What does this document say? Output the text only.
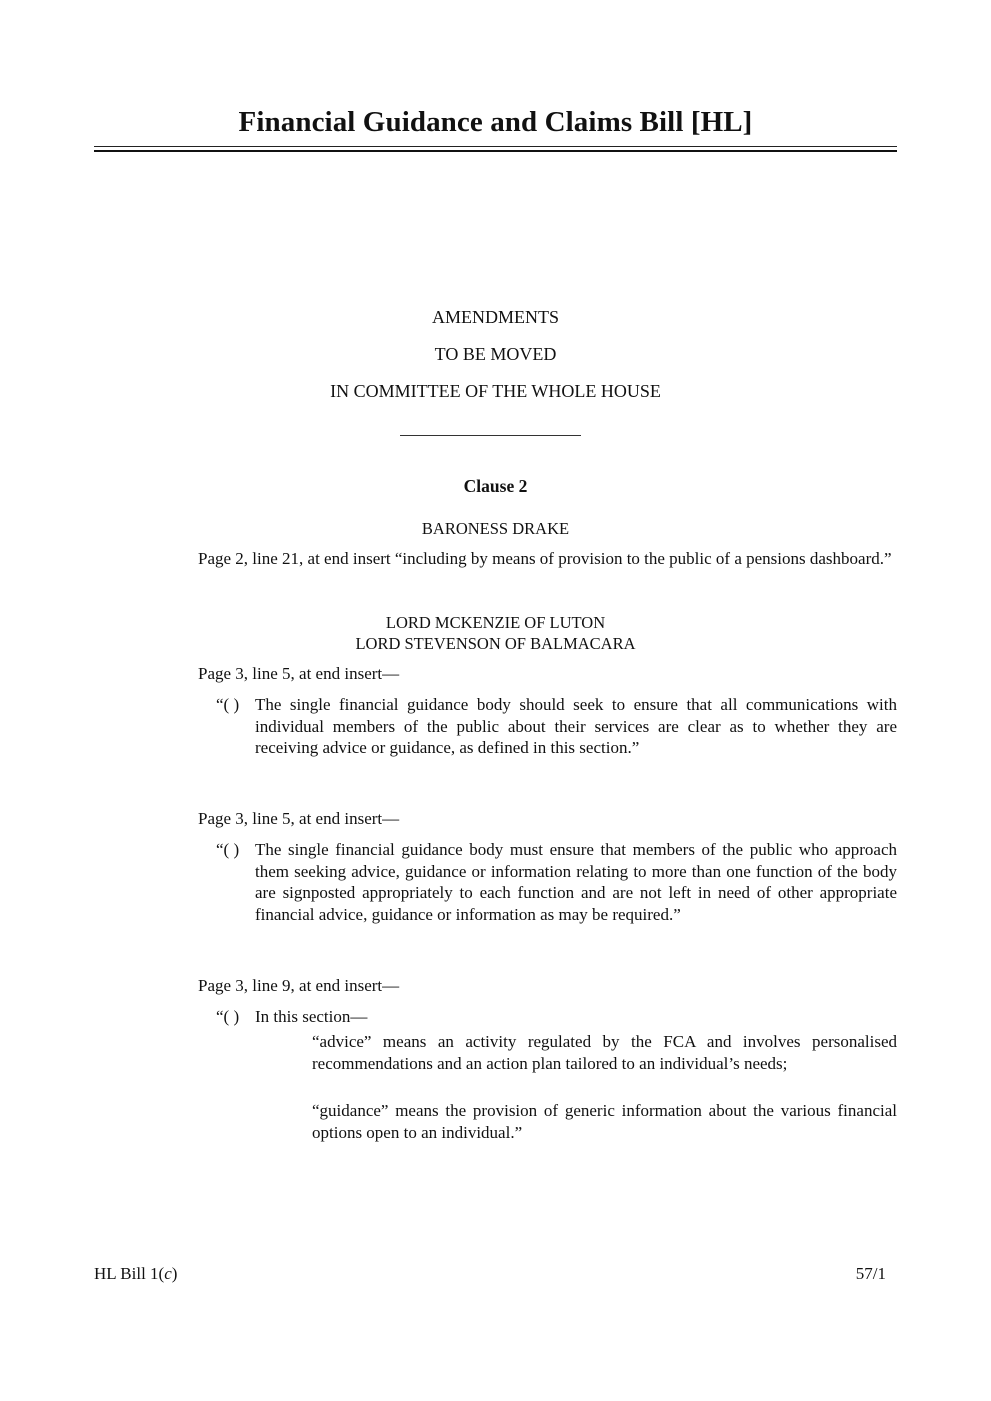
Financial Guidance and Claims Bill [HL]
AMENDMENTS
TO BE MOVED
IN COMMITTEE OF THE WHOLE HOUSE
Clause 2
BARONESS DRAKE
Page 2, line 21, at end insert “including by means of provision to the public of a pensions dashboard.”
LORD MCKENZIE OF LUTON
LORD STEVENSON OF BALMACARA
Page 3, line 5, at end insert—
“( ) The single financial guidance body should seek to ensure that all communications with individual members of the public about their services are clear as to whether they are receiving advice or guidance, as defined in this section.”
Page 3, line 5, at end insert—
“( ) The single financial guidance body must ensure that members of the public who approach them seeking advice, guidance or information relating to more than one function of the body are signposted appropriately to each function and are not left in need of other appropriate financial advice, guidance or information as may be required.”
Page 3, line 9, at end insert—
“( ) In this section—
“advice” means an activity regulated by the FCA and involves personalised recommendations and an action plan tailored to an individual’s needs;
“guidance” means the provision of generic information about the various financial options open to an individual.”
HL Bill 1(c)	57/1
